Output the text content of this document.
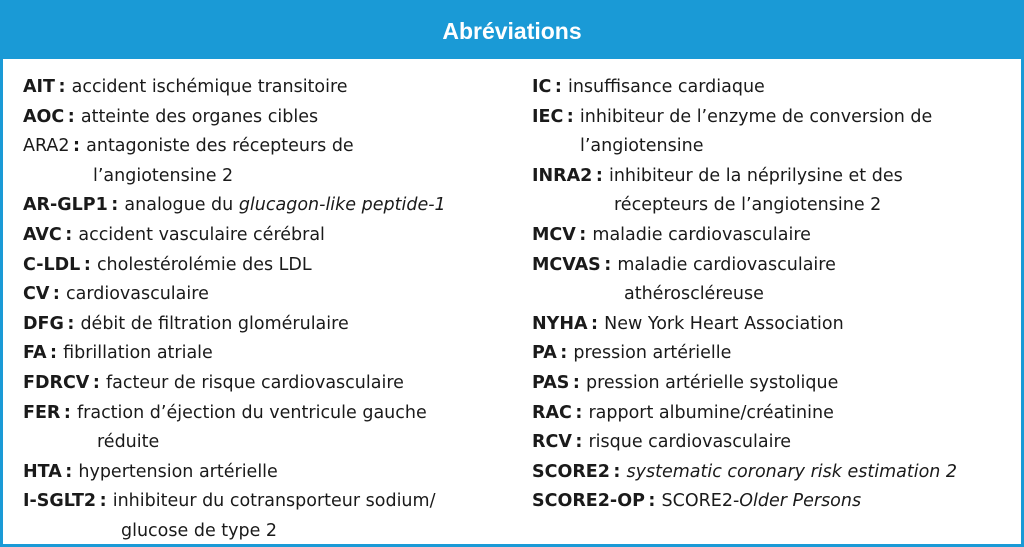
Abréviations
AIT : accident ischémique transitoire
AOC : atteinte des organes cibles
ARA2 : antagoniste des récepteurs de
l’angiotensine 2
AR-GLP1 : analogue du glucagon-like peptide-1
AVC : accident vasculaire cérébral
C-LDL : cholestérolémie des LDL
CV : cardiovasculaire
DFG : débit de filtration glomérulaire
FA : fibrillation atriale
FDRCV : facteur de risque cardiovasculaire
FER : fraction d’éjection du ventricule gauche
réduite
HTA : hypertension artérielle
I-SGLT2 : inhibiteur du cotransporteur sodium/
glucose de type 2
IC : insuffisance cardiaque
IEC : inhibiteur de l’enzyme de conversion de
l’angiotensine
INRA2 : inhibiteur de la néprilysine et des
récepteurs de l’angiotensine 2
MCV : maladie cardiovasculaire
MCVAS : maladie cardiovasculaire
athéroscléreuse
NYHA : New York Heart Association
PA : pression artérielle
PAS : pression artérielle systolique
RAC : rapport albumine/créatinine
RCV : risque cardiovasculaire
SCORE2 : systematic coronary risk estimation 2
SCORE2-OP : SCORE2-Older Persons
